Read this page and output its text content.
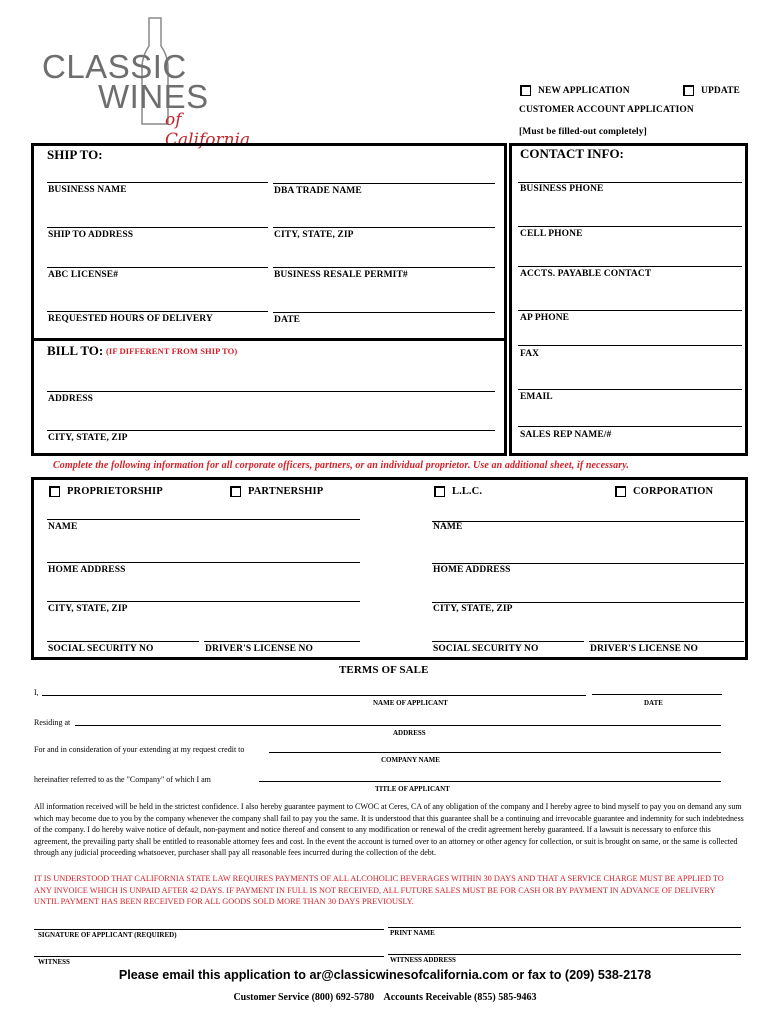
CLASSIC
WINES
of California
NEW APPLICATION	UPDATE
CUSTOMER ACCOUNT APPLICATION
[Must be filled-out completely]
SHIP TO:
BUSINESS NAME	DBA TRADE NAME
SHIP TO ADDRESS	CITY, STATE, ZIP
ABC LICENSE#	BUSINESS RESALE PERMIT#
REQUESTED HOURS OF DELIVERY	DATE
BILL TO: (IF DIFFERENT FROM SHIP TO)
ADDRESS
CITY, STATE, ZIP
CONTACT INFO:
BUSINESS PHONE
CELL PHONE
ACCTS. PAYABLE CONTACT
AP PHONE
FAX
EMAIL
SALES REP NAME/#
Complete the following information for all corporate officers, partners, or an individual proprietor. Use an additional sheet, if necessary.
PROPRIETORSHIP	PARTNERSHIP	L.L.C.	CORPORATION
NAME
HOME ADDRESS
CITY, STATE, ZIP
SOCIAL SECURITY NO	DRIVER'S LICENSE NO
NAME
HOME ADDRESS
CITY, STATE, ZIP
SOCIAL SECURITY NO	DRIVER'S LICENSE NO
TERMS OF SALE
I,
NAME OF APPLICANT	DATE
Residing at
ADDRESS
For and in consideration of your extending at my request credit to
COMPANY NAME
hereinafter referred to as the "Company" of which I am
TITLE OF APPLICANT
All information received will be held in the strictest confidence. I also hereby guarantee payment to CWOC at Ceres, CA of any obligation of the company and I hereby agree to bind myself to pay you on demand any sum which may become due to you by the company whenever the company shall fail to pay you the same. It is understood that this guarantee shall be a continuing and irrevocable guarantee and indemnity for such indebtedness of the company. I do hereby waive notice of default, non-payment and notice thereof and consent to any modification or renewal of the credit agreement hereby guaranteed. If a lawsuit is necessary to enforce this agreement, the prevailing party shall be entitled to reasonable attorney fees and cost. In the event the account is turned over to an attorney or other agency for collection, or suit is brought on same, or the same is collected through any judicial proceeding whatsoever, purchaser shall pay all reasonable fees incurred during the collection of the debt.
IT IS UNDERSTOOD THAT CALIFORNIA STATE LAW REQUIRES PAYMENTS OF ALL ALCOHOLIC BEVERAGES WITHIN 30 DAYS AND THAT A SERVICE CHARGE MUST BE APPLIED TO ANY INVOICE WHICH IS UNPAID AFTER 42 DAYS. IF PAYMENT IN FULL IS NOT RECEIVED, ALL FUTURE SALES MUST BE FOR CASH OR BY PAYMENT IN ADVANCE OF DELIVERY UNTIL PAYMENT HAS BEEN RECEIVED FOR ALL GOODS SOLD MORE THAN 30 DAYS PREVIOUSLY.
SIGNATURE OF APPLICANT (REQUIRED)	PRINT NAME
WITNESS	WITNESS ADDRESS
Please email this application to ar@classicwinesofcalifornia.com or fax to (209) 538-2178
Customer Service (800) 692-5780    Accounts Receivable (855) 585-9463
